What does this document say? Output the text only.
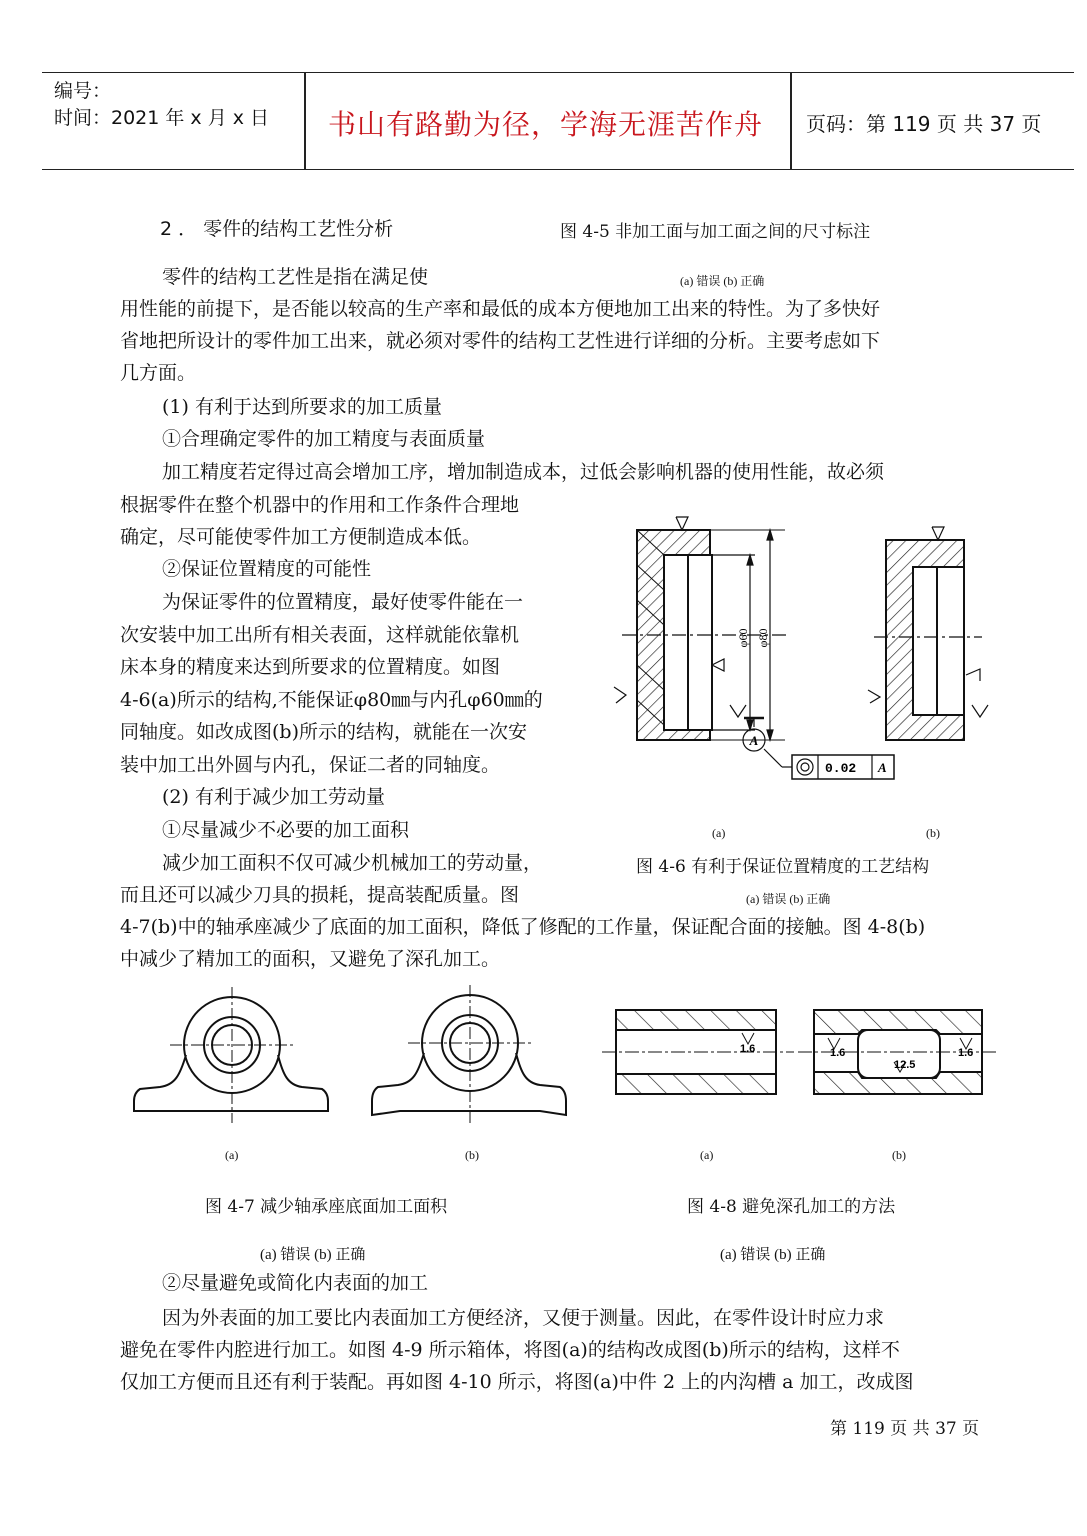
编号：
时间：2021 年 x 月 x 日 书山有路勤为径，学海无涯苦作舟 页码：第 119 页 共 37 页
2 ． 零件的结构工艺性分析	图 4-5 非加工面与加工面之间的尺寸标注
(a) 错误 (b) 正确
零件的结构工艺性是指在满足使
用性能的前提下，是否能以较高的生产率和最低的成本方便地加工出来的特性。为了多快好
省地把所设计的零件加工出来，就必须对零件的结构工艺性进行详细的分析。主要考虑如下
几方面。
(1) 有利于达到所要求的加工质量
①合理确定零件的加工精度与表面质量
加工精度若定得过高会增加工序，增加制造成本，过低会影响机器的使用性能，故必须
根据零件在整个机器中的作用和工作条件合理地
确定，尽可能使零件加工方便制造成本低。
②保证位置精度的可能性
为保证零件的位置精度，最好使零件能在一
次安装中加工出所有相关表面，这样就能依靠机
床本身的精度来达到所要求的位置精度。如图
4-6(a)所示的结构,不能保证φ80㎜与内孔φ60㎜的
同轴度。如改成图(b)所示的结构，就能在一次安
装中加工出外圆与内孔，保证二者的同轴度。
(2) 有利于减少加工劳动量
①尽量减少不必要的加工面积
减少加工面积不仅可减少机械加工的劳动量，
而且还可以减少刀具的损耗，提高装配质量。图
4-7(b)中的轴承座减少了底面的加工面积，降低了修配的工作量，保证配合面的接触。图 4-8(b)
中减少了精加工的面积，又避免了深孔加工。
②尽量避免或简化内表面的加工
因为外表面的加工要比内表面加工方便经济，又便于测量。因此，在零件设计时应力求
避免在零件内腔进行加工。如图 4-9 所示箱体，将图(a)的结构改成图(b)所示的结构，这样不
仅加工方便而且还有利于装配。再如图 4-10 所示，将图(a)中件 2 上的内沟槽 a 加工，改成图
φ60 φ80
A
0.02 A
(a)	(b)
图 4-6 有利于保证位置精度的工艺结构
(a) 错误 (b) 正确
(a)	(b)
图 4-7 减少轴承座底面加工面积
(a) 错误 (b) 正确
1.6	1.6
12.5
1.6
(a)	(b)
图 4-8 避免深孔加工的方法
(a) 错误 (b) 正确
第 119 页 共 37 页
